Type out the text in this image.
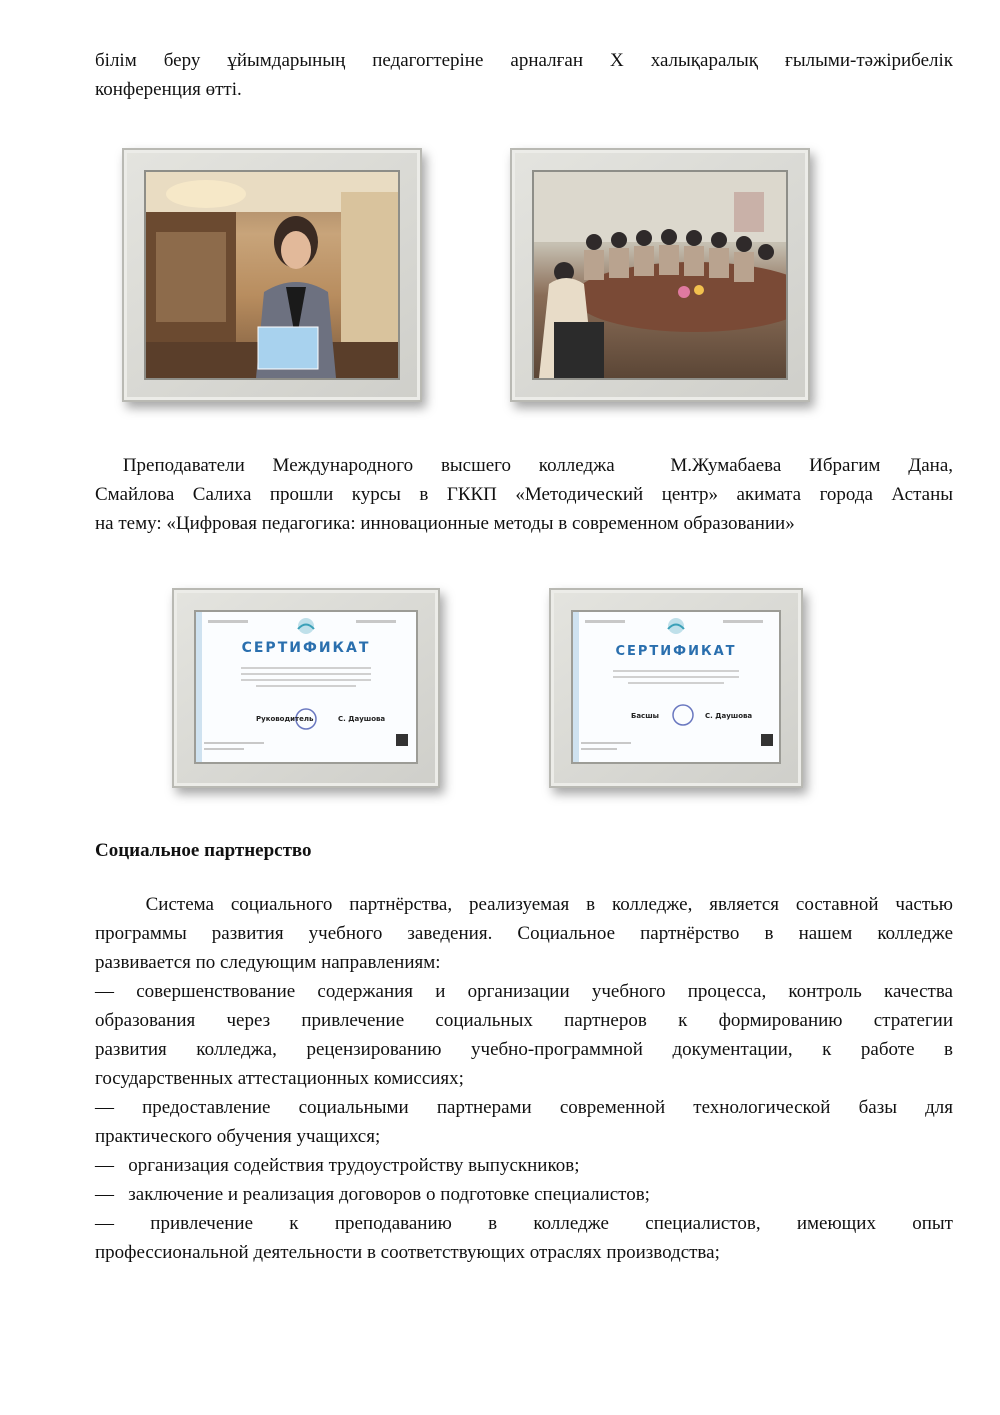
білім беру ұйымдарының педагогтеріне арналған Х халықаралық ғылыми-тәжірибелік
конференция өтті.
Преподаватели Международного высшего колледжа  М.Жумабаева Ибрагим Дана,
Смайлова Салиха прошли курсы в ГККП «Методический центр» акимата города Астаны
на тему: «Цифровая педагогика: инновационные методы в современном образовании»
СЕРТИФИКАТ
Руководитель	С. Даушова
СЕРТИФИКАТ
Басшы	С. Даушова
Социальное партнерство
Система социального партнёрства, реализуемая в колледже, является составной частью
программы развития учебного заведения. Социальное партнёрство в нашем колледже
развивается по следующим направлениям:
— совершенствование содержания и организации учебного процесса, контроль качества
образования через привлечение социальных партнеров к формированию стратегии
развития колледжа, рецензированию учебно-программной документации, к работе в
государственных аттестационных комиссиях;
— предоставление социальными партнерами современной технологической базы для
практического обучения учащихся;
—   организация содействия трудоустройству выпускников;
—   заключение и реализация договоров о подготовке специалистов;
— привлечение к преподаванию в колледже специалистов, имеющих опыт
профессиональной деятельности в соответствующих отраслях производства;
